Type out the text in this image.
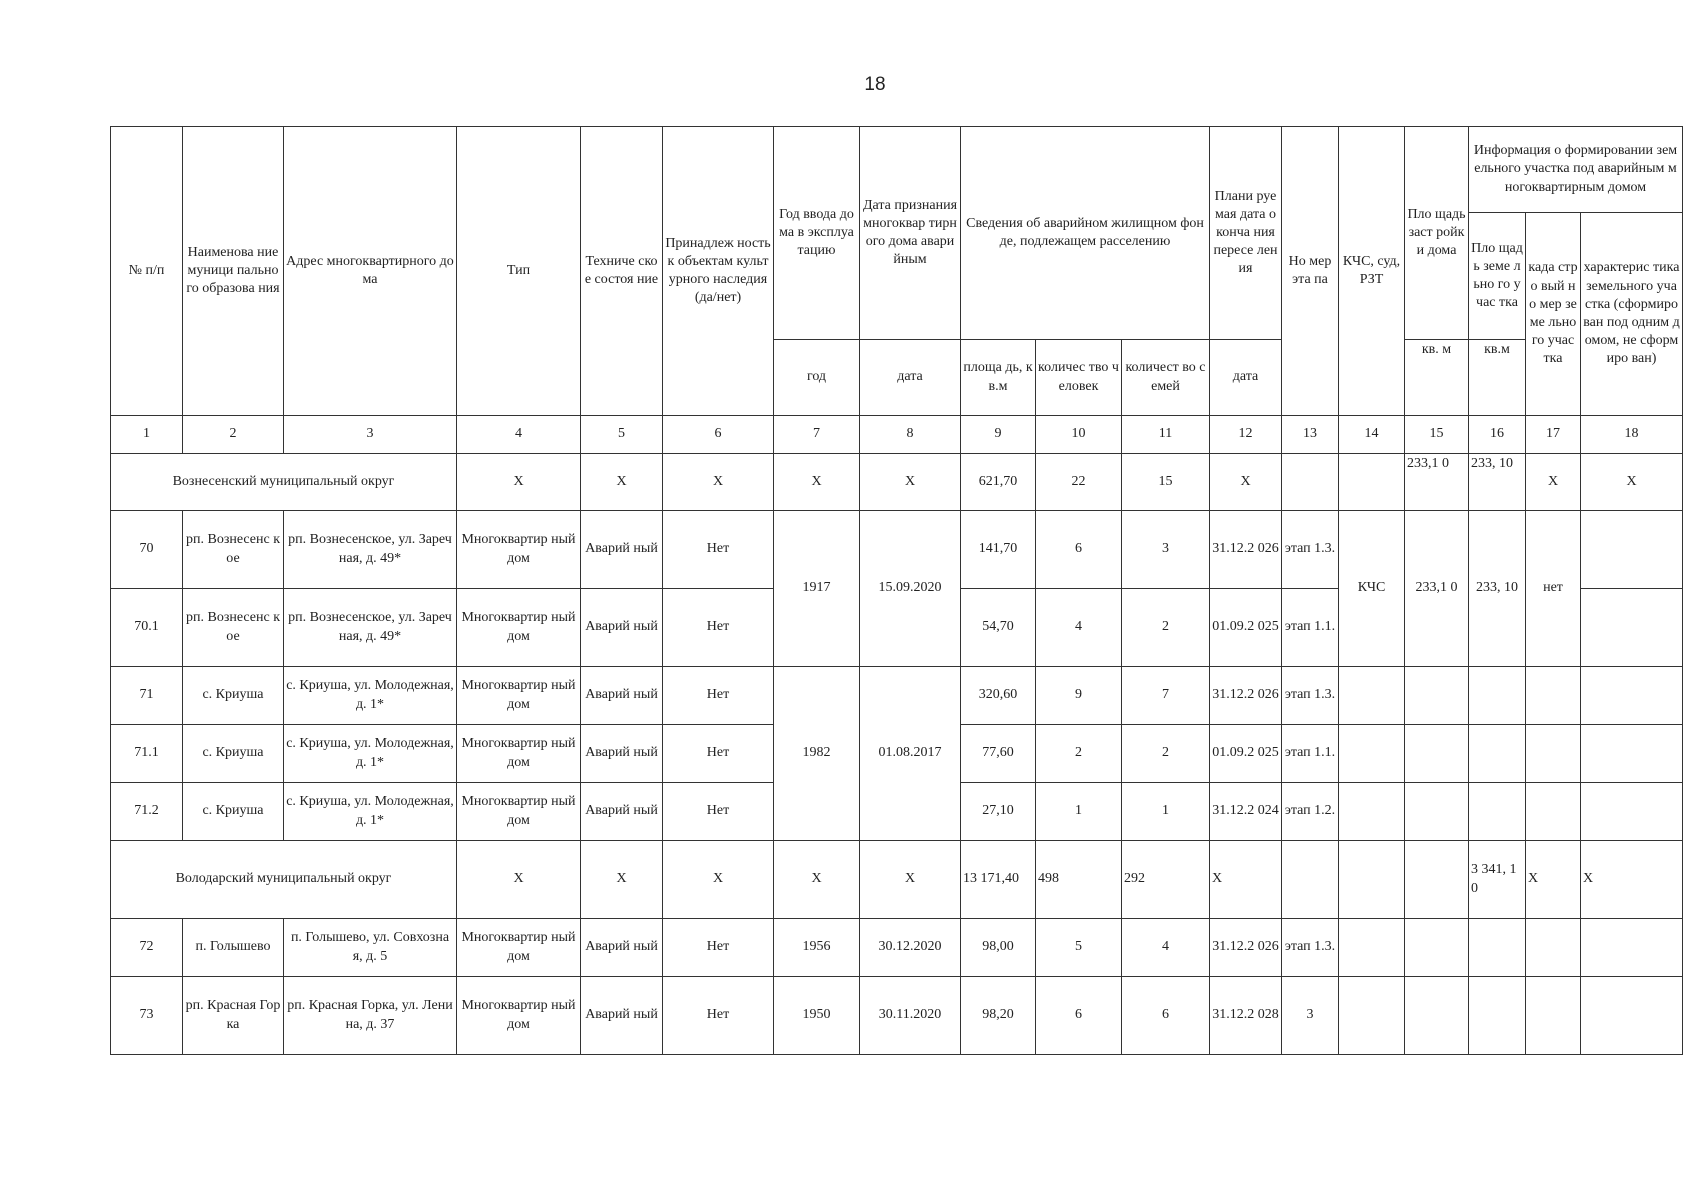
18
№ п/п	Наименова ние муници пального образова ния	Адрес многоквартирного дома	Тип	Техниче ское состоя ние	Принадлеж ность к объектам культурного наследия (да/нет)	Год ввода дома в эксплуа тацию	Дата признания многоквар тирного дома аварийным	Сведения об аварийном жилищном фонде, подлежащем расселению			Плани руемая дата оконча ния пересе ления	Но мер эта па	КЧС, суд, РЗТ	Пло щадь заст ройки дома	Информация о формировании земельного участка под аварийным многоквартирным домом		
															Пло щадь земе льно го учас тка	када стро вый но мер земе льно го учас тка	характерис тика земельного участка (сформиро ван под одним домом, не сформиро ван)
						год	дата	площа дь, кв.м	количес тво человек	количест во семей	дата			кв. м	кв.м		
1	2	3	4	5	6	7	8	9	10	11	12	13	14	15	16	17	18
Вознесенский муниципальный округ			X	X	X	X	X	621,70	22	15	X			233,1 0	233, 10	X	X
70	рп. Вознесенс кое	рп. Вознесенское, ул. Заречная, д. 49*	Многоквартир ный дом	Аварий ный	Нет	1917	15.09.2020	141,70	6	3	31.12.2 026	этап 1.3.	КЧС	233,1 0	233, 10	нет	
70.1	рп. Вознесенс кое	рп. Вознесенское, ул. Заречная, д. 49*	Многоквартир ный дом	Аварий ный	Нет			54,70	4	2	01.09.2 025	этап 1.1.					
71	с. Криуша	с. Криуша, ул. Молодежная, д. 1*	Многоквартир ный дом	Аварий ный	Нет	1982	01.08.2017	320,60	9	7	31.12.2 026	этап 1.3.					
71.1	с. Криуша	с. Криуша, ул. Молодежная, д. 1*	Многоквартир ный дом	Аварий ный	Нет			77,60	2	2	01.09.2 025	этап 1.1.					
71.2	с. Криуша	с. Криуша, ул. Молодежная, д. 1*	Многоквартир ный дом	Аварий ный	Нет			27,10	1	1	31.12.2 024	этап 1.2.					
Володарский муниципальный округ			X	X	X	X	X	13 171,40	498	292	X				3 341, 10	X	X
72	п. Голышево	п. Голышево, ул. Совхозная, д. 5	Многоквартир ный дом	Аварий ный	Нет	1956	30.12.2020	98,00	5	4	31.12.2 026	этап 1.3.					
73	рп. Красная Горка	рп. Красная Горка, ул. Ленина, д. 37	Многоквартир ный дом	Аварий ный	Нет	1950	30.11.2020	98,20	6	6	31.12.2 028	3					
